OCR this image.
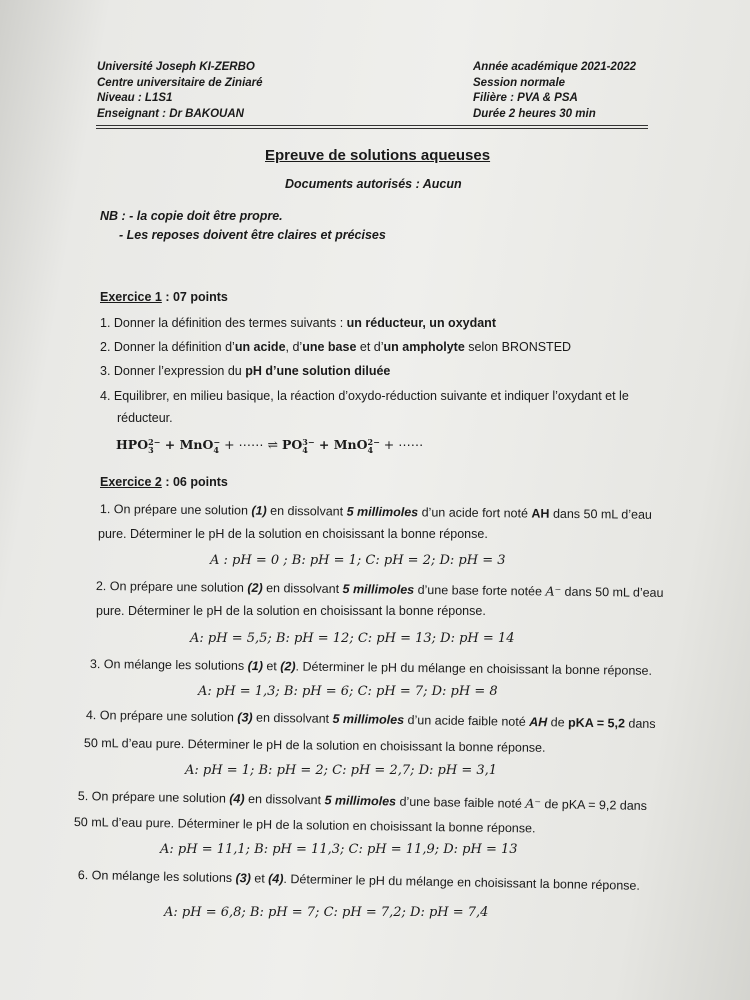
Université Joseph KI-ZERBO
Centre universitaire de Ziniaré
Niveau : L1S1
Enseignant : Dr BAKOUAN
Année académique 2021-2022
Session normale
Filière : PVA & PSA
Durée 2 heures 30 min
Epreuve de solutions aqueuses
Documents autorisés : Aucun
NB : - la copie doit être propre.
- Les reposes doivent être claires et précises
Exercice 1 : 07 points
1. Donner la définition des termes suivants : un réducteur, un oxydant
2. Donner la définition d’un acide, d’une base et d’un ampholyte selon BRONSTED
3. Donner l’expression du pH d’une solution diluée
4. Equilibrer, en milieu basique, la réaction d’oxydo-réduction suivante et indiquer l’oxydant et le
réducteur.
HPO2−
3 + MnO−
4 + ⋯⋯ ⇌ PO3−
4 + MnO2−
4 + ⋯⋯
Exercice 2 : 06 points
1. On prépare une solution (1) en dissolvant 5 millimoles d’un acide fort noté AH dans 50 mL d’eau
pure. Déterminer le pH de la solution en choisissant la bonne réponse.
A : pH = 0 ; B: pH = 1; C: pH = 2; D: pH = 3
2. On prépare une solution (2) en dissolvant 5 millimoles d’une base forte notée A⁻ dans 50 mL d’eau
pure. Déterminer le pH de la solution en choisissant la bonne réponse.
A: pH = 5,5; B: pH = 12; C: pH = 13; D: pH = 14
3. On mélange les solutions (1) et (2). Déterminer le pH du mélange en choisissant la bonne réponse.
A: pH = 1,3; B: pH = 6; C: pH = 7; D: pH = 8
4. On prépare une solution (3) en dissolvant 5 millimoles d’un acide faible noté AH de pKA = 5,2 dans
50 mL d’eau pure. Déterminer le pH de la solution en choisissant la bonne réponse.
A: pH = 1; B: pH = 2; C: pH = 2,7; D: pH = 3,1
5. On prépare une solution (4) en dissolvant 5 millimoles d’une base faible noté A⁻ de pKA = 9,2 dans
50 mL d’eau pure. Déterminer le pH de la solution en choisissant la bonne réponse.
A: pH = 11,1; B: pH = 11,3; C: pH = 11,9; D: pH = 13
6. On mélange les solutions (3) et (4). Déterminer le pH du mélange en choisissant la bonne réponse.
A: pH = 6,8; B: pH = 7; C: pH = 7,2; D: pH = 7,4
